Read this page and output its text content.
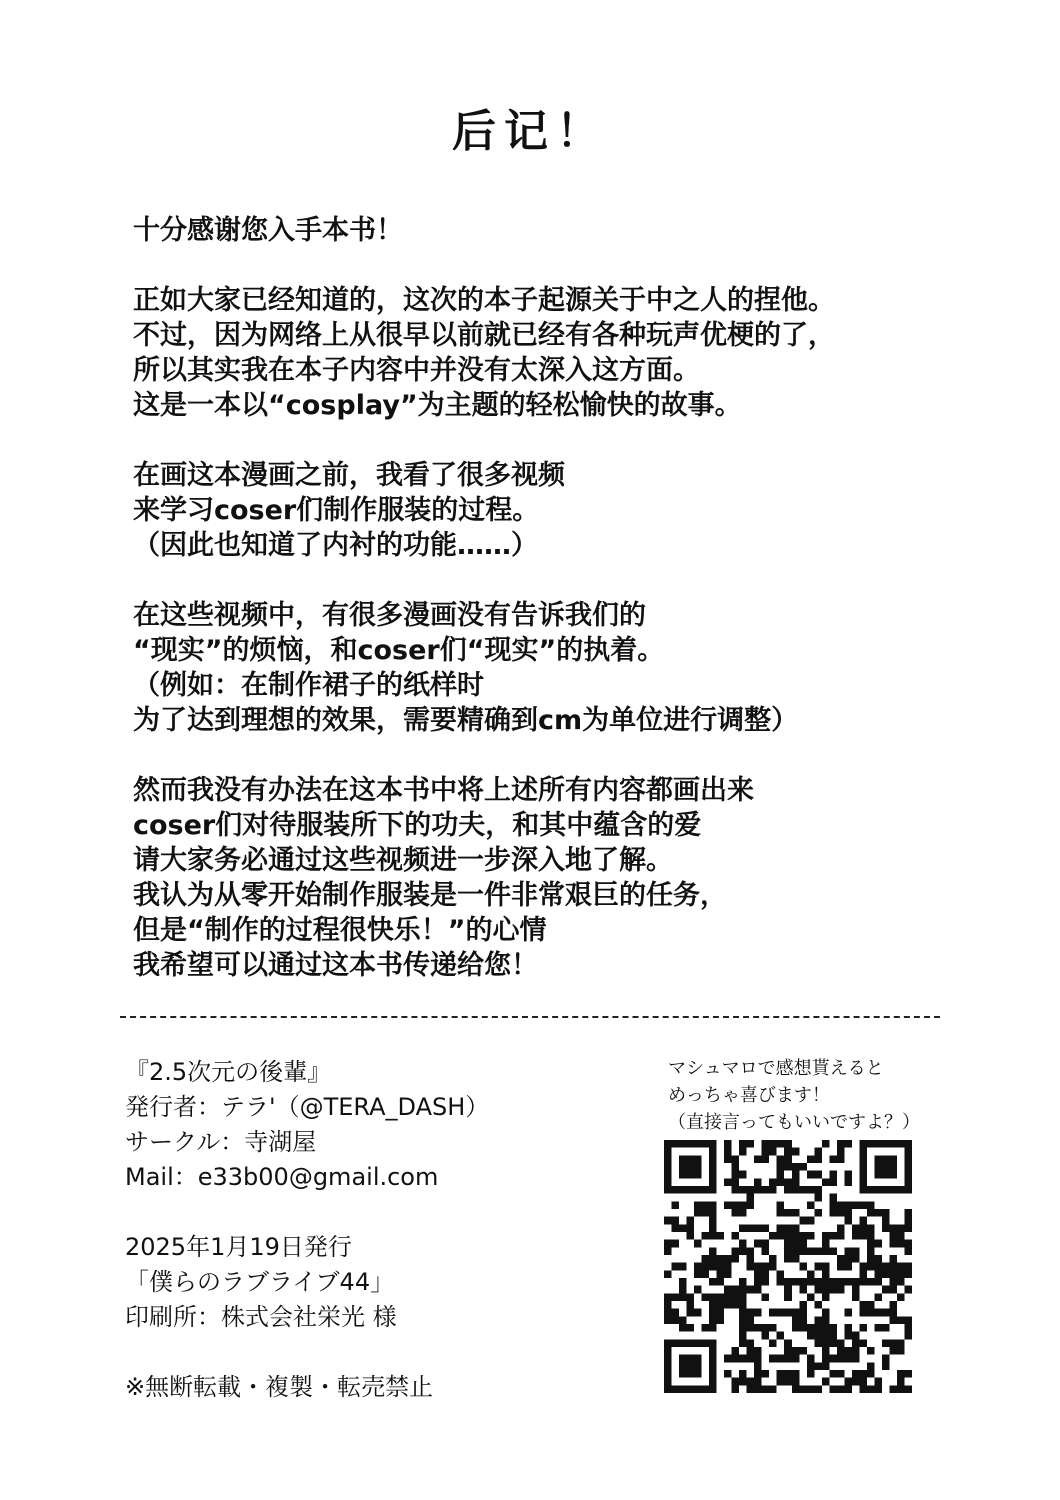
后记！
十分感谢您入手本书！
正如大家已经知道的，这次的本子起源关于中之人的捏他。
不过，因为网络上从很早以前就已经有各种玩声优梗的了，
所以其实我在本子内容中并没有太深入这方面。
这是一本以“cosplay”为主题的轻松愉快的故事。
在画这本漫画之前，我看了很多视频
来学习coser们制作服装的过程。
（因此也知道了内衬的功能……）
在这些视频中，有很多漫画没有告诉我们的
“现实”的烦恼，和coser们“现实”的执着。
（例如：在制作裙子的纸样时
为了达到理想的效果，需要精确到cm为单位进行调整）
然而我没有办法在这本书中将上述所有内容都画出来
coser们对待服装所下的功夫，和其中蕴含的爱
请大家务必通过这些视频进一步深入地了解。
我认为从零开始制作服装是一件非常艰巨的任务，
但是“制作的过程很快乐！”的心情
我希望可以通过这本书传递给您！
『2.5次元の後輩』
発行者：テラ'（@TERA_DASH）
サークル：寺湖屋
Mail：e33b00@gmail.com
2025年1月19日発行
「僕らのラブライブ44」
印刷所：株式会社栄光 様
※無断転載・複製・転売禁止
マシュマロで感想貰えると
めっちゃ喜びます！
（直接言ってもいいですよ？）
